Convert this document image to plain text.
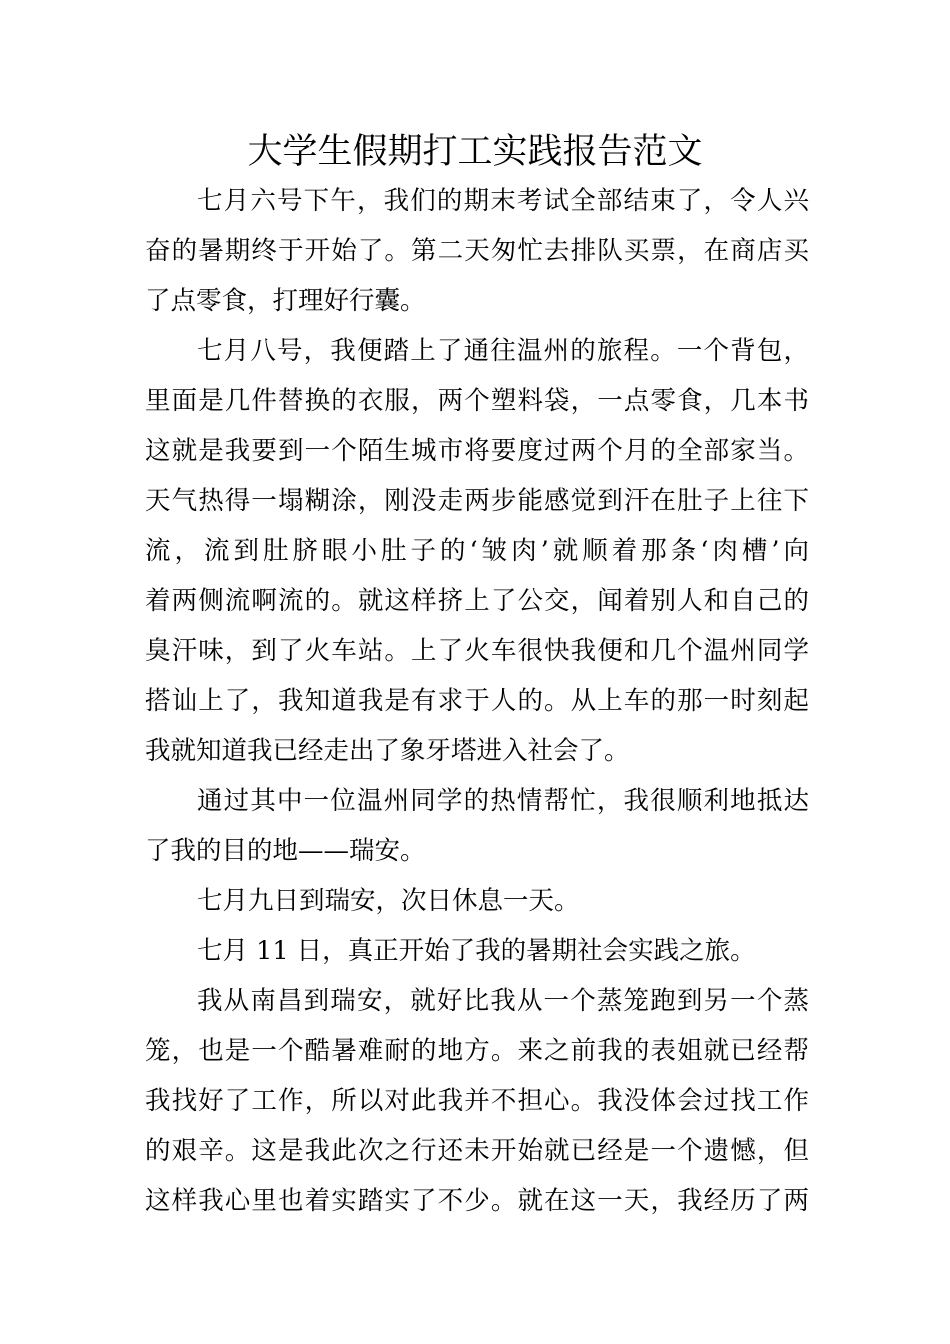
大学生假期打工实践报告范文
七月六号下午，我们的期末考试全部结束了，令人兴
奋的暑期终于开始了。第二天匆忙去排队买票，在商店买
了点零食，打理好行囊。
七月八号，我便踏上了通往温州的旅程。一个背包，
里面是几件替换的衣服，两个塑料袋，一点零食，几本书
这就是我要到一个陌生城市将要度过两个月的全部家当。
天气热得一塌糊涂，刚没走两步能感觉到汗在肚子上往下
流，流到肚脐眼小肚子的‘皱肉’就顺着那条‘肉槽’向
着两侧流啊流的。就这样挤上了公交，闻着别人和自己的
臭汗味，到了火车站。上了火车很快我便和几个温州同学
搭讪上了，我知道我是有求于人的。从上车的那一时刻起
我就知道我已经走出了象牙塔进入社会了。
通过其中一位温州同学的热情帮忙，我很顺利地抵达
了我的目的地——瑞安。
七月九日到瑞安，次日休息一天。
七月 11 日，真正开始了我的暑期社会实践之旅。
我从南昌到瑞安，就好比我从一个蒸笼跑到另一个蒸
笼，也是一个酷暑难耐的地方。来之前我的表姐就已经帮
我找好了工作，所以对此我并不担心。我没体会过找工作
的艰辛。这是我此次之行还未开始就已经是一个遗憾，但
这样我心里也着实踏实了不少。就在这一天，我经历了两
